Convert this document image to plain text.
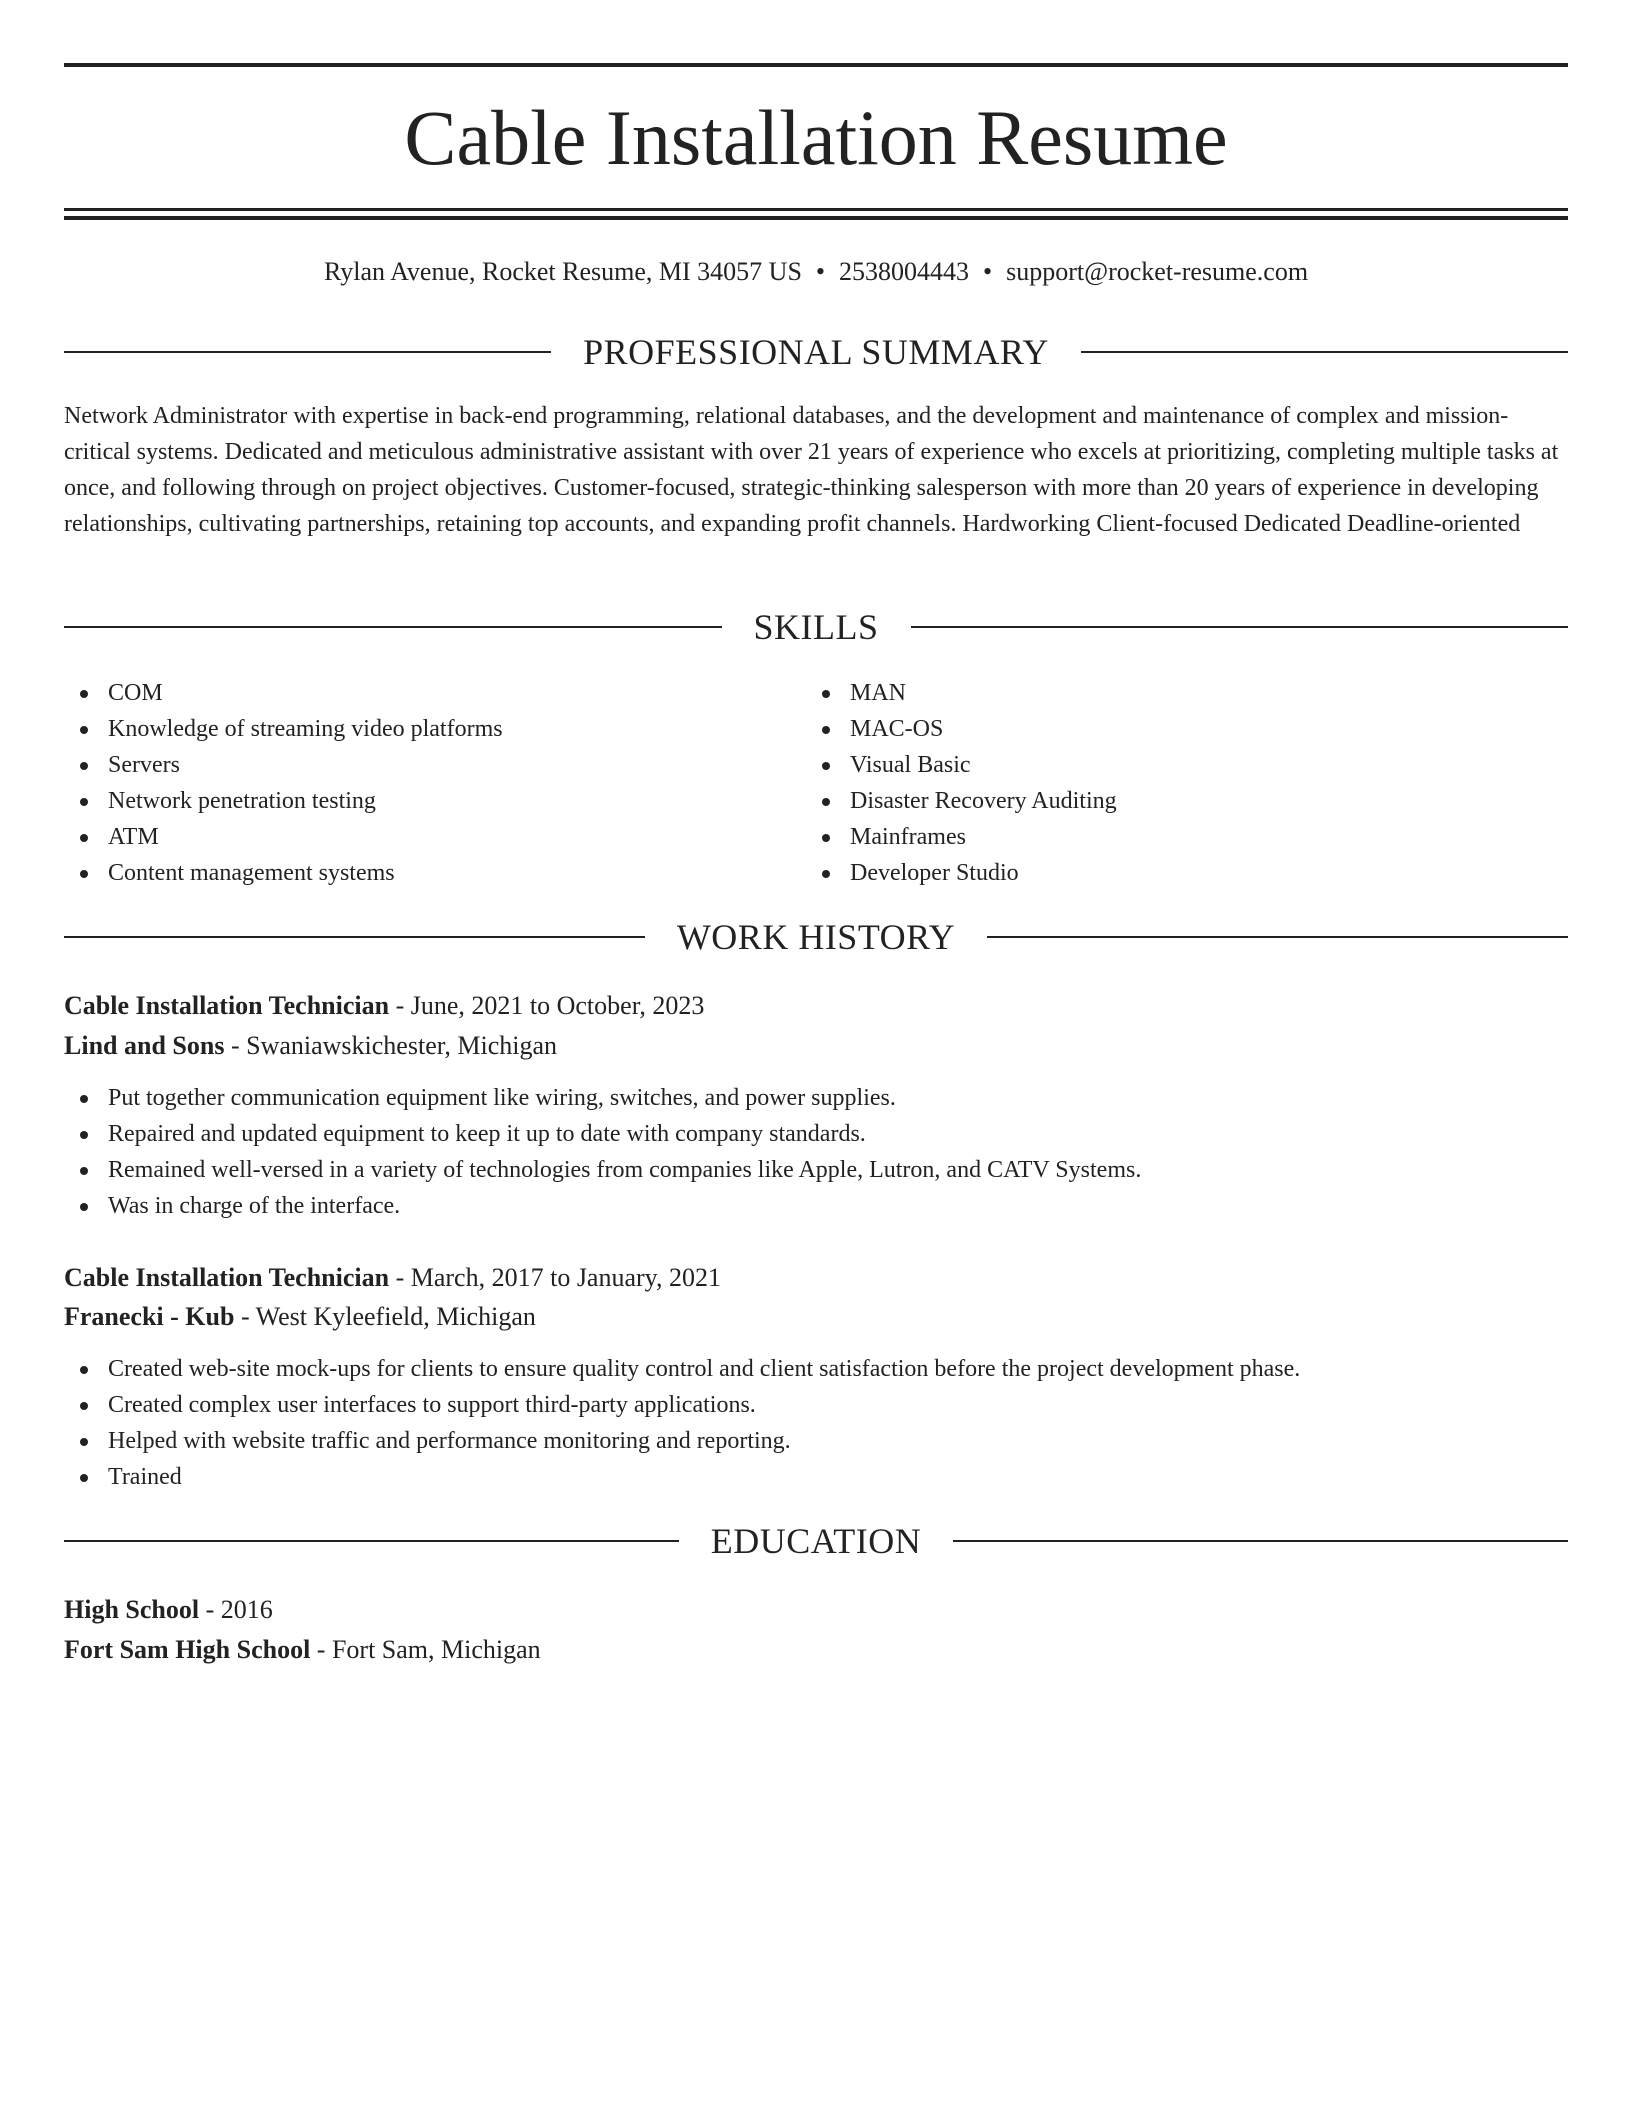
Cable Installation Resume
Rylan Avenue, Rocket Resume, MI 34057 US • 2538004443 • support@rocket-resume.com
PROFESSIONAL SUMMARY

Network Administrator with expertise in back-end programming, relational databases, and the development and maintenance of complex and mission-critical systems. Dedicated and meticulous administrative assistant with over 21 years of experience who excels at prioritizing, completing multiple tasks at once, and following through on project objectives. Customer-focused, strategic-thinking salesperson with more than 20 years of experience in developing relationships, cultivating partnerships, retaining top accounts, and expanding profit channels. Hardworking Client-focused Dedicated Deadline-oriented

SKILLS
COM
Knowledge of streaming video platforms
Servers
Network penetration testing
ATM
Content management systems
MAN
MAC-OS
Visual Basic
Disaster Recovery Auditing
Mainframes
Developer Studio
WORK HISTORY
Cable Installation Technician - June, 2021 to October, 2023
Lind and Sons - Swaniawskichester, Michigan
Put together communication equipment like wiring, switches, and power supplies.
Repaired and updated equipment to keep it up to date with company standards.
Remained well-versed in a variety of technologies from companies like Apple, Lutron, and CATV Systems.
Was in charge of the interface.
Cable Installation Technician - March, 2017 to January, 2021
Franecki - Kub - West Kyleefield, Michigan
Created web-site mock-ups for clients to ensure quality control and client satisfaction before the project development phase.
Created complex user interfaces to support third-party applications.
Helped with website traffic and performance monitoring and reporting.
Trained
EDUCATION
High School - 2016
Fort Sam High School - Fort Sam, Michigan
